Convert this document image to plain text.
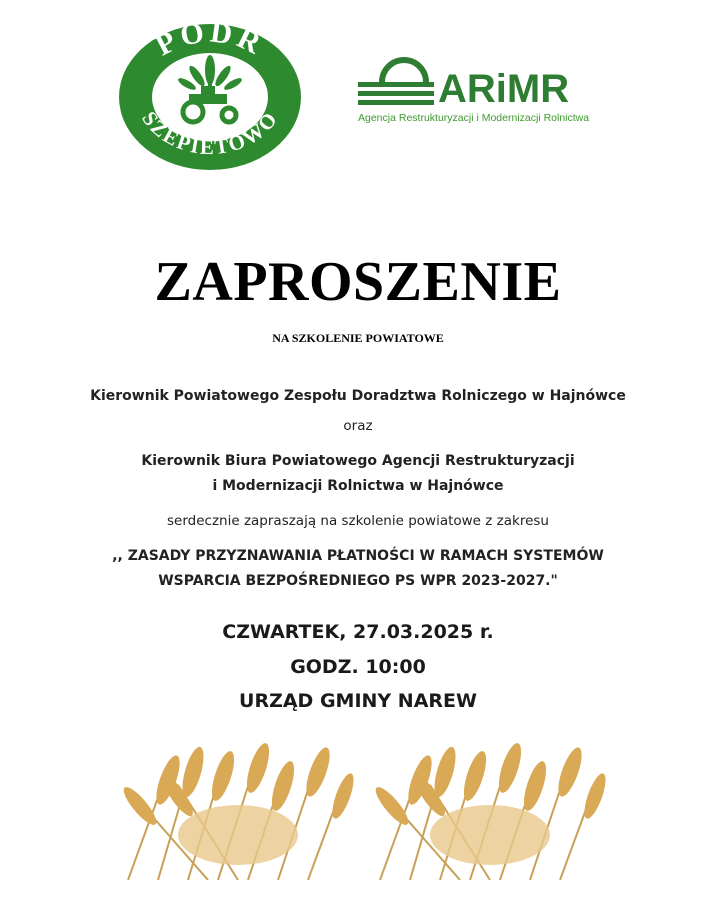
PODR
SZEPIETOWO
ARiMR
Agencja Restrukturyzacji i Modernizacji Rolnictwa
ZAPROSZENIE
NA SZKOLENIE POWIATOWE
Kierownik Powiatowego Zespołu Doradztwa Rolniczego w Hajnówce
oraz
Kierownik Biura Powiatowego Agencji Restrukturyzacji
i Modernizacji Rolnictwa w Hajnówce
serdecznie zapraszają na szkolenie powiatowe z zakresu
,, ZASADY PRZYZNAWANIA PŁATNOŚCI W RAMACH SYSTEMÓW
WSPARCIA BEZPOŚREDNIEGO PS WPR 2023-2027."
CZWARTEK, 27.03.2025 r.
GODZ. 10:00
URZĄD GMINY NAREW
